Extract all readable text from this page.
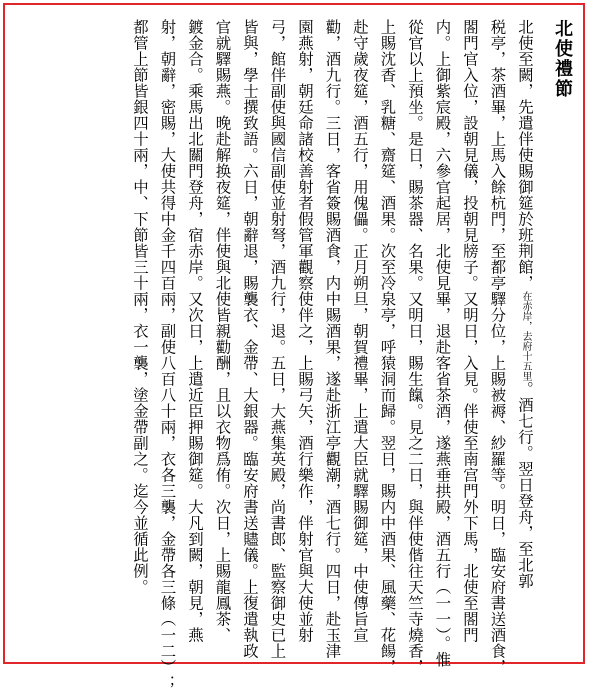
北使禮節
北使至闕，先遣伴使賜御筵於班荆館，在赤岸，去府十五里。酒七行。翌日登舟，至北郭
税亭，茶酒畢，上馬入餘杭門，至都亭驛分位，上賜被褥、紗羅等。明日，臨安府書送酒食，
閤門官入位，設朝見儀，投朝見牓子。又明日，入見。伴使至南宫門外下馬，北使至閤門
内。上御紫宸殿，六參官起居，北使見畢，退赴客省茶酒，遂燕垂拱殿，酒五行（一一）。惟
從官以上預坐。是日，賜茶器、名果。又明日，賜生餼。見之二日，與伴使偕往天竺寺燒香，
上賜沈香、乳糖、齋筵、酒果。次至冷泉亭，呼猿洞而歸。翌日，賜内中酒果、風藥、花餳，
赴守歲夜筵，酒五行，用傀儡。正月朔旦，朝賀禮畢，上遣大臣就驛賜御筵，中使傳旨宣
勸，酒九行。三日，客省簽賜酒食，内中賜酒果，遂赴浙江亭觀潮，酒七行。四日，赴玉津
園燕射，朝廷命諸校善射者假管軍觀察使伴之，上賜弓矢，酒行樂作，伴射官與大使並射
弓，館伴副使與國信副使並射弩，酒九行，退。五日，大燕集英殿，尚書郎、監察御史已上
皆與，學士撰致語。六日，朝辭退，賜襲衣、金帶、大銀器。臨安府書送贐儀。上復遣執政
官就驛賜燕。晚赴解换夜筵，伴使與北使皆親勸酬，且以衣物爲侑。次日，上賜龍鳳茶、
鍍金合。乘馬出北關門登舟，宿赤岸。又次日，上遣近臣押賜御筵。大凡到闕，朝見，燕
射，朝辭，密賜，大使共得中金千四百兩，副使八百八十兩，衣各三襲，金帶各三條（一二）；
都管上節皆銀四十兩，中、下節皆三十兩，衣一襲，塗金帶副之。迄今並循此例。
